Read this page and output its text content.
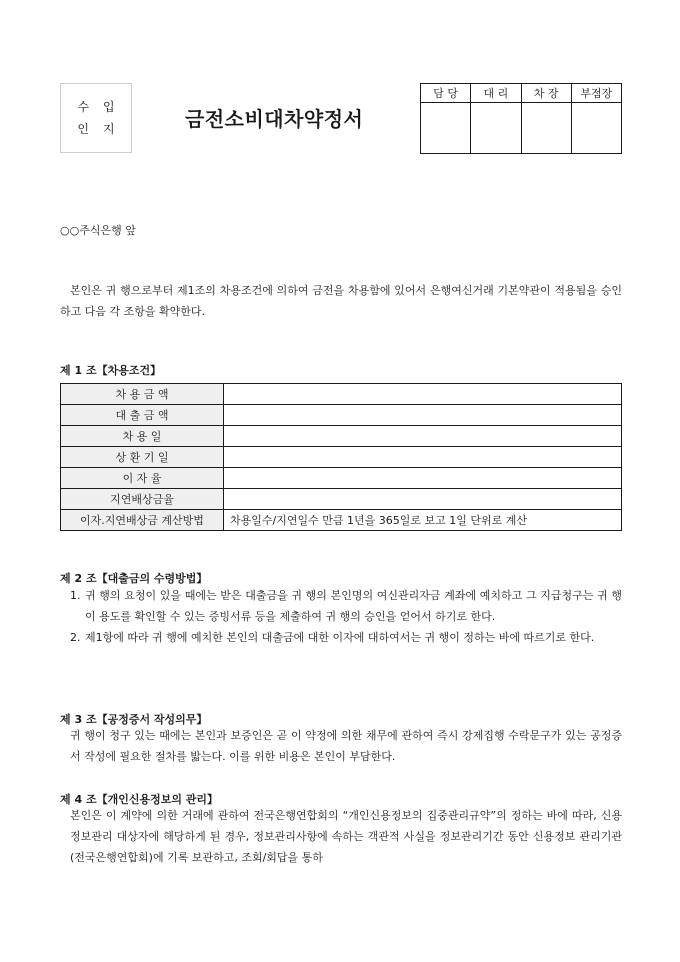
수입
인지	금전소비대차약정서
담 당	대 리	차 장	부점장

○○주식은행 앞
본인은 귀 행으로부터 제1조의 차용조건에 의하여 금전을 차용함에 있어서 은행여신거래 기본약관이 적용됨을 승인하고 다음 각 조항을 확약한다.
제 1 조【차용조건】
차 용 금 액	
대 출 금 액	
차 용 일	
상 환 기 일	
이 자 율	
지연배상금율	
이자.지연배상금 계산방법	차용일수/지연일수 만큼 1년을 365일로 보고 1일 단위로 계산
제 2 조【대출금의 수령방법】
1. 귀 행의 요청이 있을 때에는 받은 대출금을 귀 행의 본인명의 여신관리자금 계좌에 예치하고 그 지급청구는 귀 행이 용도를 확인할 수 있는 증빙서류 등을 제출하여 귀 행의 승인을 얻어서 하기로 한다.
2. 제1항에 따라 귀 행에 예치한 본인의 대출금에 대한 이자에 대하여서는 귀 행이 정하는 바에 따르기로 한다.
제 3 조【공정증서 작성의무】
귀 행이 청구 있는 때에는 본인과 보증인은 곧 이 약정에 의한 채무에 관하여 즉시 강제집행 수락문구가 있는 공정증서 작성에 필요한 절차를 밟는다. 이를 위한 비용은 본인이 부담한다.
제 4 조【개인신용정보의 관리】
본인은 이 계약에 의한 거래에 관하여 전국은행연합회의 “개인신용정보의 집중관리규약”의 정하는 바에 따라, 신용정보관리 대상자에 해당하게 된 경우, 정보관리사항에 속하는 객관적 사실을 정보관리기간 동안 신용정보 관리기관(전국은행연합회)에 기록 보관하고, 조회/회답을 통하
